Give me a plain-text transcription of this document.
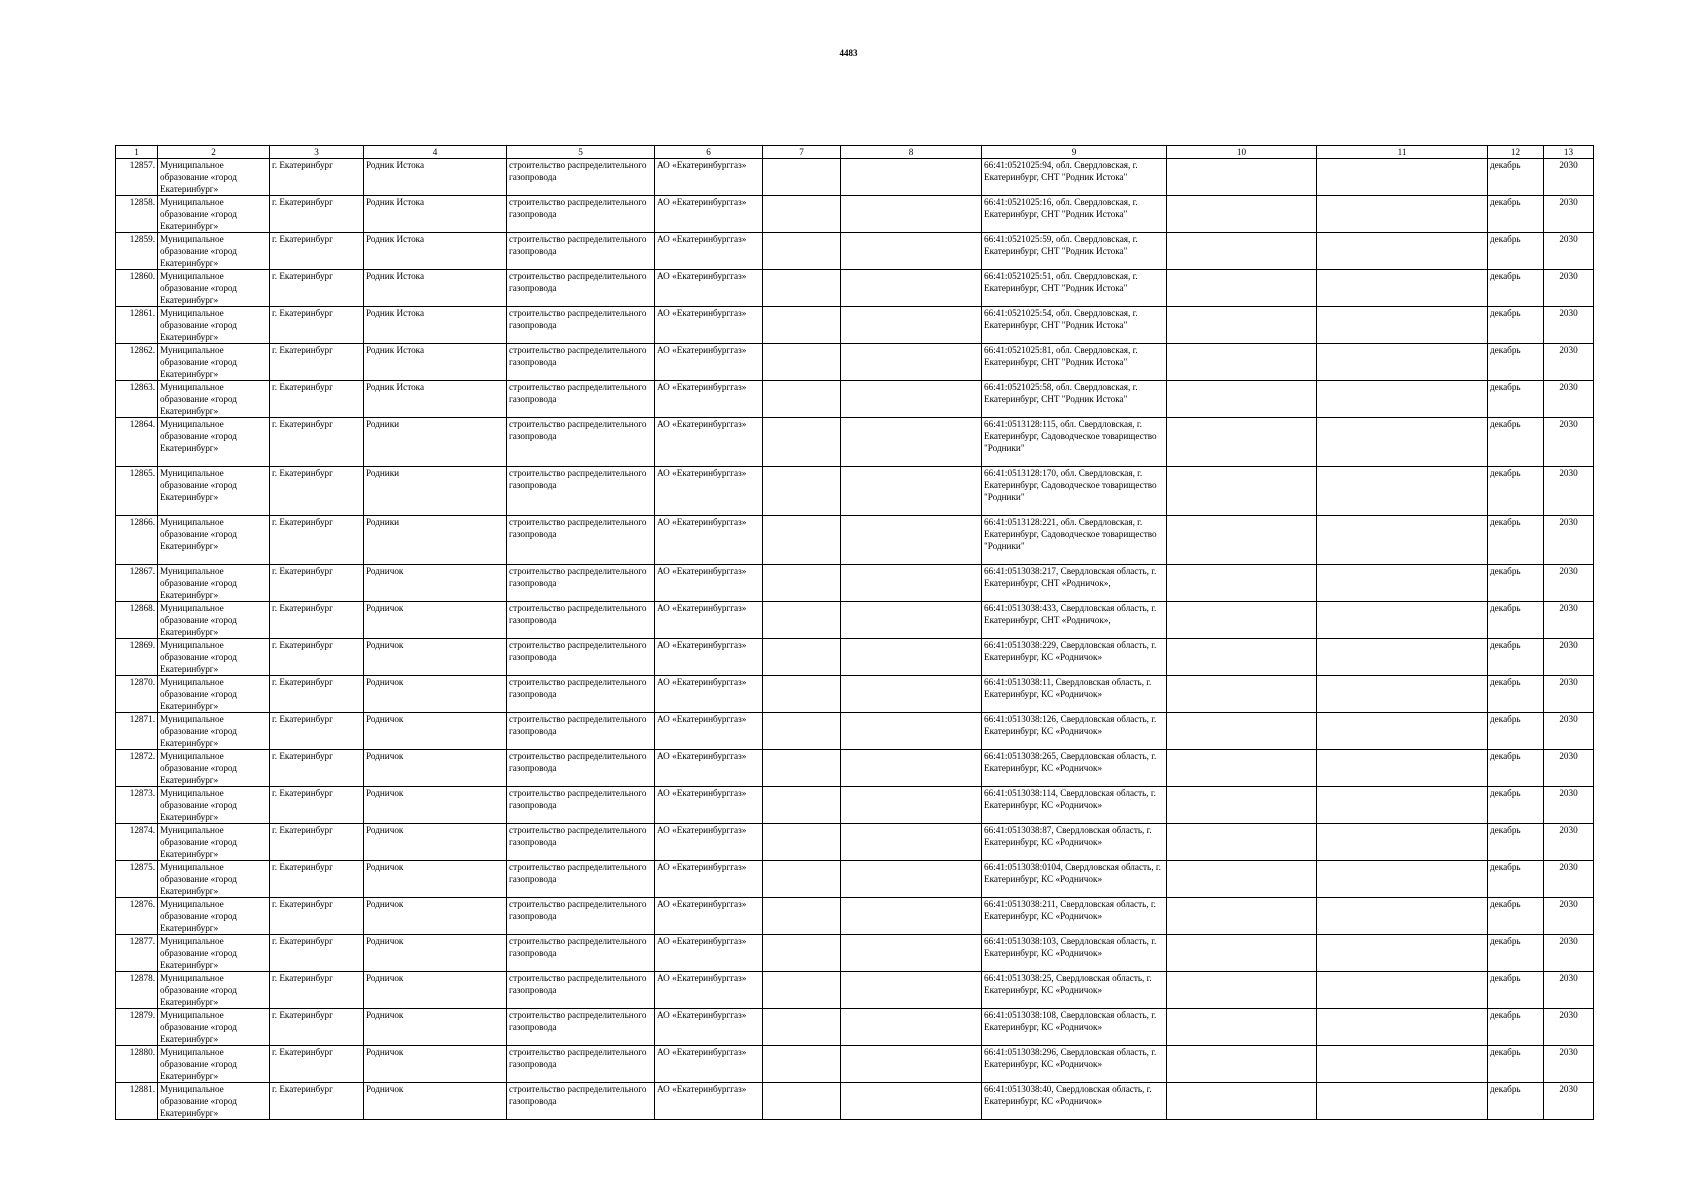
4483
1	2	3	4	5	6	7	8	9	10	11	12	13
12857.	Муниципальное образование «город Екатеринбург»	г. Екатеринбург	Родник Истока	строительство распределительного газопровода	АО «Екатеринбурггаз»			66:41:0521025:94, обл. Свердловская, г. Екатеринбург, СНТ "Родник Истока"			декабрь	2030
12858.	Муниципальное образование «город Екатеринбург»	г. Екатеринбург	Родник Истока	строительство распределительного газопровода	АО «Екатеринбурггаз»			66:41:0521025:16, обл. Свердловская, г. Екатеринбург, СНТ "Родник Истока"			декабрь	2030
12859.	Муниципальное образование «город Екатеринбург»	г. Екатеринбург	Родник Истока	строительство распределительного газопровода	АО «Екатеринбурггаз»			66:41:0521025:59, обл. Свердловская, г. Екатеринбург, СНТ "Родник Истока"			декабрь	2030
12860.	Муниципальное образование «город Екатеринбург»	г. Екатеринбург	Родник Истока	строительство распределительного газопровода	АО «Екатеринбурггаз»			66:41:0521025:51, обл. Свердловская, г. Екатеринбург, СНТ "Родник Истока"			декабрь	2030
12861.	Муниципальное образование «город Екатеринбург»	г. Екатеринбург	Родник Истока	строительство распределительного газопровода	АО «Екатеринбурггаз»			66:41:0521025:54, обл. Свердловская, г. Екатеринбург, СНТ "Родник Истока"			декабрь	2030
12862.	Муниципальное образование «город Екатеринбург»	г. Екатеринбург	Родник Истока	строительство распределительного газопровода	АО «Екатеринбурггаз»			66:41:0521025:81, обл. Свердловская, г. Екатеринбург, СНТ "Родник Истока"			декабрь	2030
12863.	Муниципальное образование «город Екатеринбург»	г. Екатеринбург	Родник Истока	строительство распределительного газопровода	АО «Екатеринбурггаз»			66:41:0521025:58, обл. Свердловская, г. Екатеринбург, СНТ "Родник Истока"			декабрь	2030
12864.	Муниципальное образование «город Екатеринбург»	г. Екатеринбург	Родники	строительство распределительного газопровода	АО «Екатеринбурггаз»			66:41:0513128:115, обл. Свердловская, г. Екатеринбург, Садоводческое товарищество "Родники"			декабрь	2030
12865.	Муниципальное образование «город Екатеринбург»	г. Екатеринбург	Родники	строительство распределительного газопровода	АО «Екатеринбурггаз»			66:41:0513128:170, обл. Свердловская, г. Екатеринбург, Садоводческое товарищество "Родники"			декабрь	2030
12866.	Муниципальное образование «город Екатеринбург»	г. Екатеринбург	Родники	строительство распределительного газопровода	АО «Екатеринбурггаз»			66:41:0513128:221, обл. Свердловская, г. Екатеринбург, Садоводческое товарищество "Родники"			декабрь	2030
12867.	Муниципальное образование «город Екатеринбург»	г. Екатеринбург	Родничок	строительство распределительного газопровода	АО «Екатеринбурггаз»			66:41:0513038:217, Свердловская область, г. Екатеринбург, СНТ «Родничок»,			декабрь	2030
12868.	Муниципальное образование «город Екатеринбург»	г. Екатеринбург	Родничок	строительство распределительного газопровода	АО «Екатеринбурггаз»			66:41:0513038:433, Свердловская область, г. Екатеринбург, СНТ «Родничок»,			декабрь	2030
12869.	Муниципальное образование «город Екатеринбург»	г. Екатеринбург	Родничок	строительство распределительного газопровода	АО «Екатеринбурггаз»			66:41:0513038:229, Свердловская область, г. Екатеринбург, КС «Родничок»			декабрь	2030
12870.	Муниципальное образование «город Екатеринбург»	г. Екатеринбург	Родничок	строительство распределительного газопровода	АО «Екатеринбурггаз»			66:41:0513038:11, Свердловская область, г. Екатеринбург, КС «Родничок»			декабрь	2030
12871.	Муниципальное образование «город Екатеринбург»	г. Екатеринбург	Родничок	строительство распределительного газопровода	АО «Екатеринбурггаз»			66:41:0513038:126, Свердловская область, г. Екатеринбург, КС «Родничок»			декабрь	2030
12872.	Муниципальное образование «город Екатеринбург»	г. Екатеринбург	Родничок	строительство распределительного газопровода	АО «Екатеринбурггаз»			66:41:0513038:265, Свердловская область, г. Екатеринбург, КС «Родничок»			декабрь	2030
12873.	Муниципальное образование «город Екатеринбург»	г. Екатеринбург	Родничок	строительство распределительного газопровода	АО «Екатеринбурггаз»			66:41:0513038:114, Свердловская область, г. Екатеринбург, КС «Родничок»			декабрь	2030
12874.	Муниципальное образование «город Екатеринбург»	г. Екатеринбург	Родничок	строительство распределительного газопровода	АО «Екатеринбурггаз»			66:41:0513038:87, Свердловская область, г. Екатеринбург, КС «Родничок»			декабрь	2030
12875.	Муниципальное образование «город Екатеринбург»	г. Екатеринбург	Родничок	строительство распределительного газопровода	АО «Екатеринбурггаз»			66:41:0513038:0104, Свердловская область, г. Екатеринбург, КС «Родничок»			декабрь	2030
12876.	Муниципальное образование «город Екатеринбург»	г. Екатеринбург	Родничок	строительство распределительного газопровода	АО «Екатеринбурггаз»			66:41:0513038:211, Свердловская область, г. Екатеринбург, КС «Родничок»			декабрь	2030
12877.	Муниципальное образование «город Екатеринбург»	г. Екатеринбург	Родничок	строительство распределительного газопровода	АО «Екатеринбурггаз»			66:41:0513038:103, Свердловская область, г. Екатеринбург, КС «Родничок»			декабрь	2030
12878.	Муниципальное образование «город Екатеринбург»	г. Екатеринбург	Родничок	строительство распределительного газопровода	АО «Екатеринбурггаз»			66:41:0513038:25, Свердловская область, г. Екатеринбург, КС «Родничок»			декабрь	2030
12879.	Муниципальное образование «город Екатеринбург»	г. Екатеринбург	Родничок	строительство распределительного газопровода	АО «Екатеринбурггаз»			66:41:0513038:108, Свердловская область, г. Екатеринбург, КС «Родничок»			декабрь	2030
12880.	Муниципальное образование «город Екатеринбург»	г. Екатеринбург	Родничок	строительство распределительного газопровода	АО «Екатеринбурггаз»			66:41:0513038:296, Свердловская область, г. Екатеринбург, КС «Родничок»			декабрь	2030
12881.	Муниципальное образование «город Екатеринбург»	г. Екатеринбург	Родничок	строительство распределительного газопровода	АО «Екатеринбурггаз»			66:41:0513038:40, Свердловская область, г. Екатеринбург, КС «Родничок»			декабрь	2030
